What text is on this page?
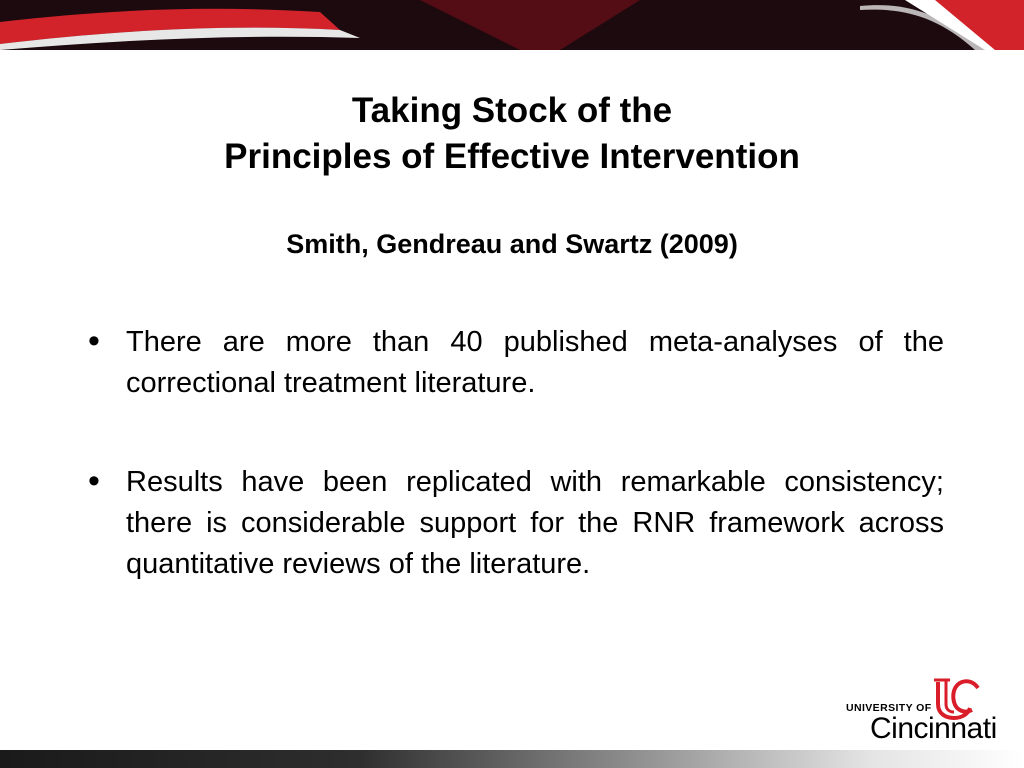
Taking Stock of the
Principles of Effective Intervention
Smith, Gendreau and Swartz (2009)
• There are more than 40 published meta-analyses of the correctional treatment literature.
• Results have been replicated with remarkable consistency; there is considerable support for the RNR framework across quantitative reviews of the literature.
UNIVERSITY OF
Cincinnati
